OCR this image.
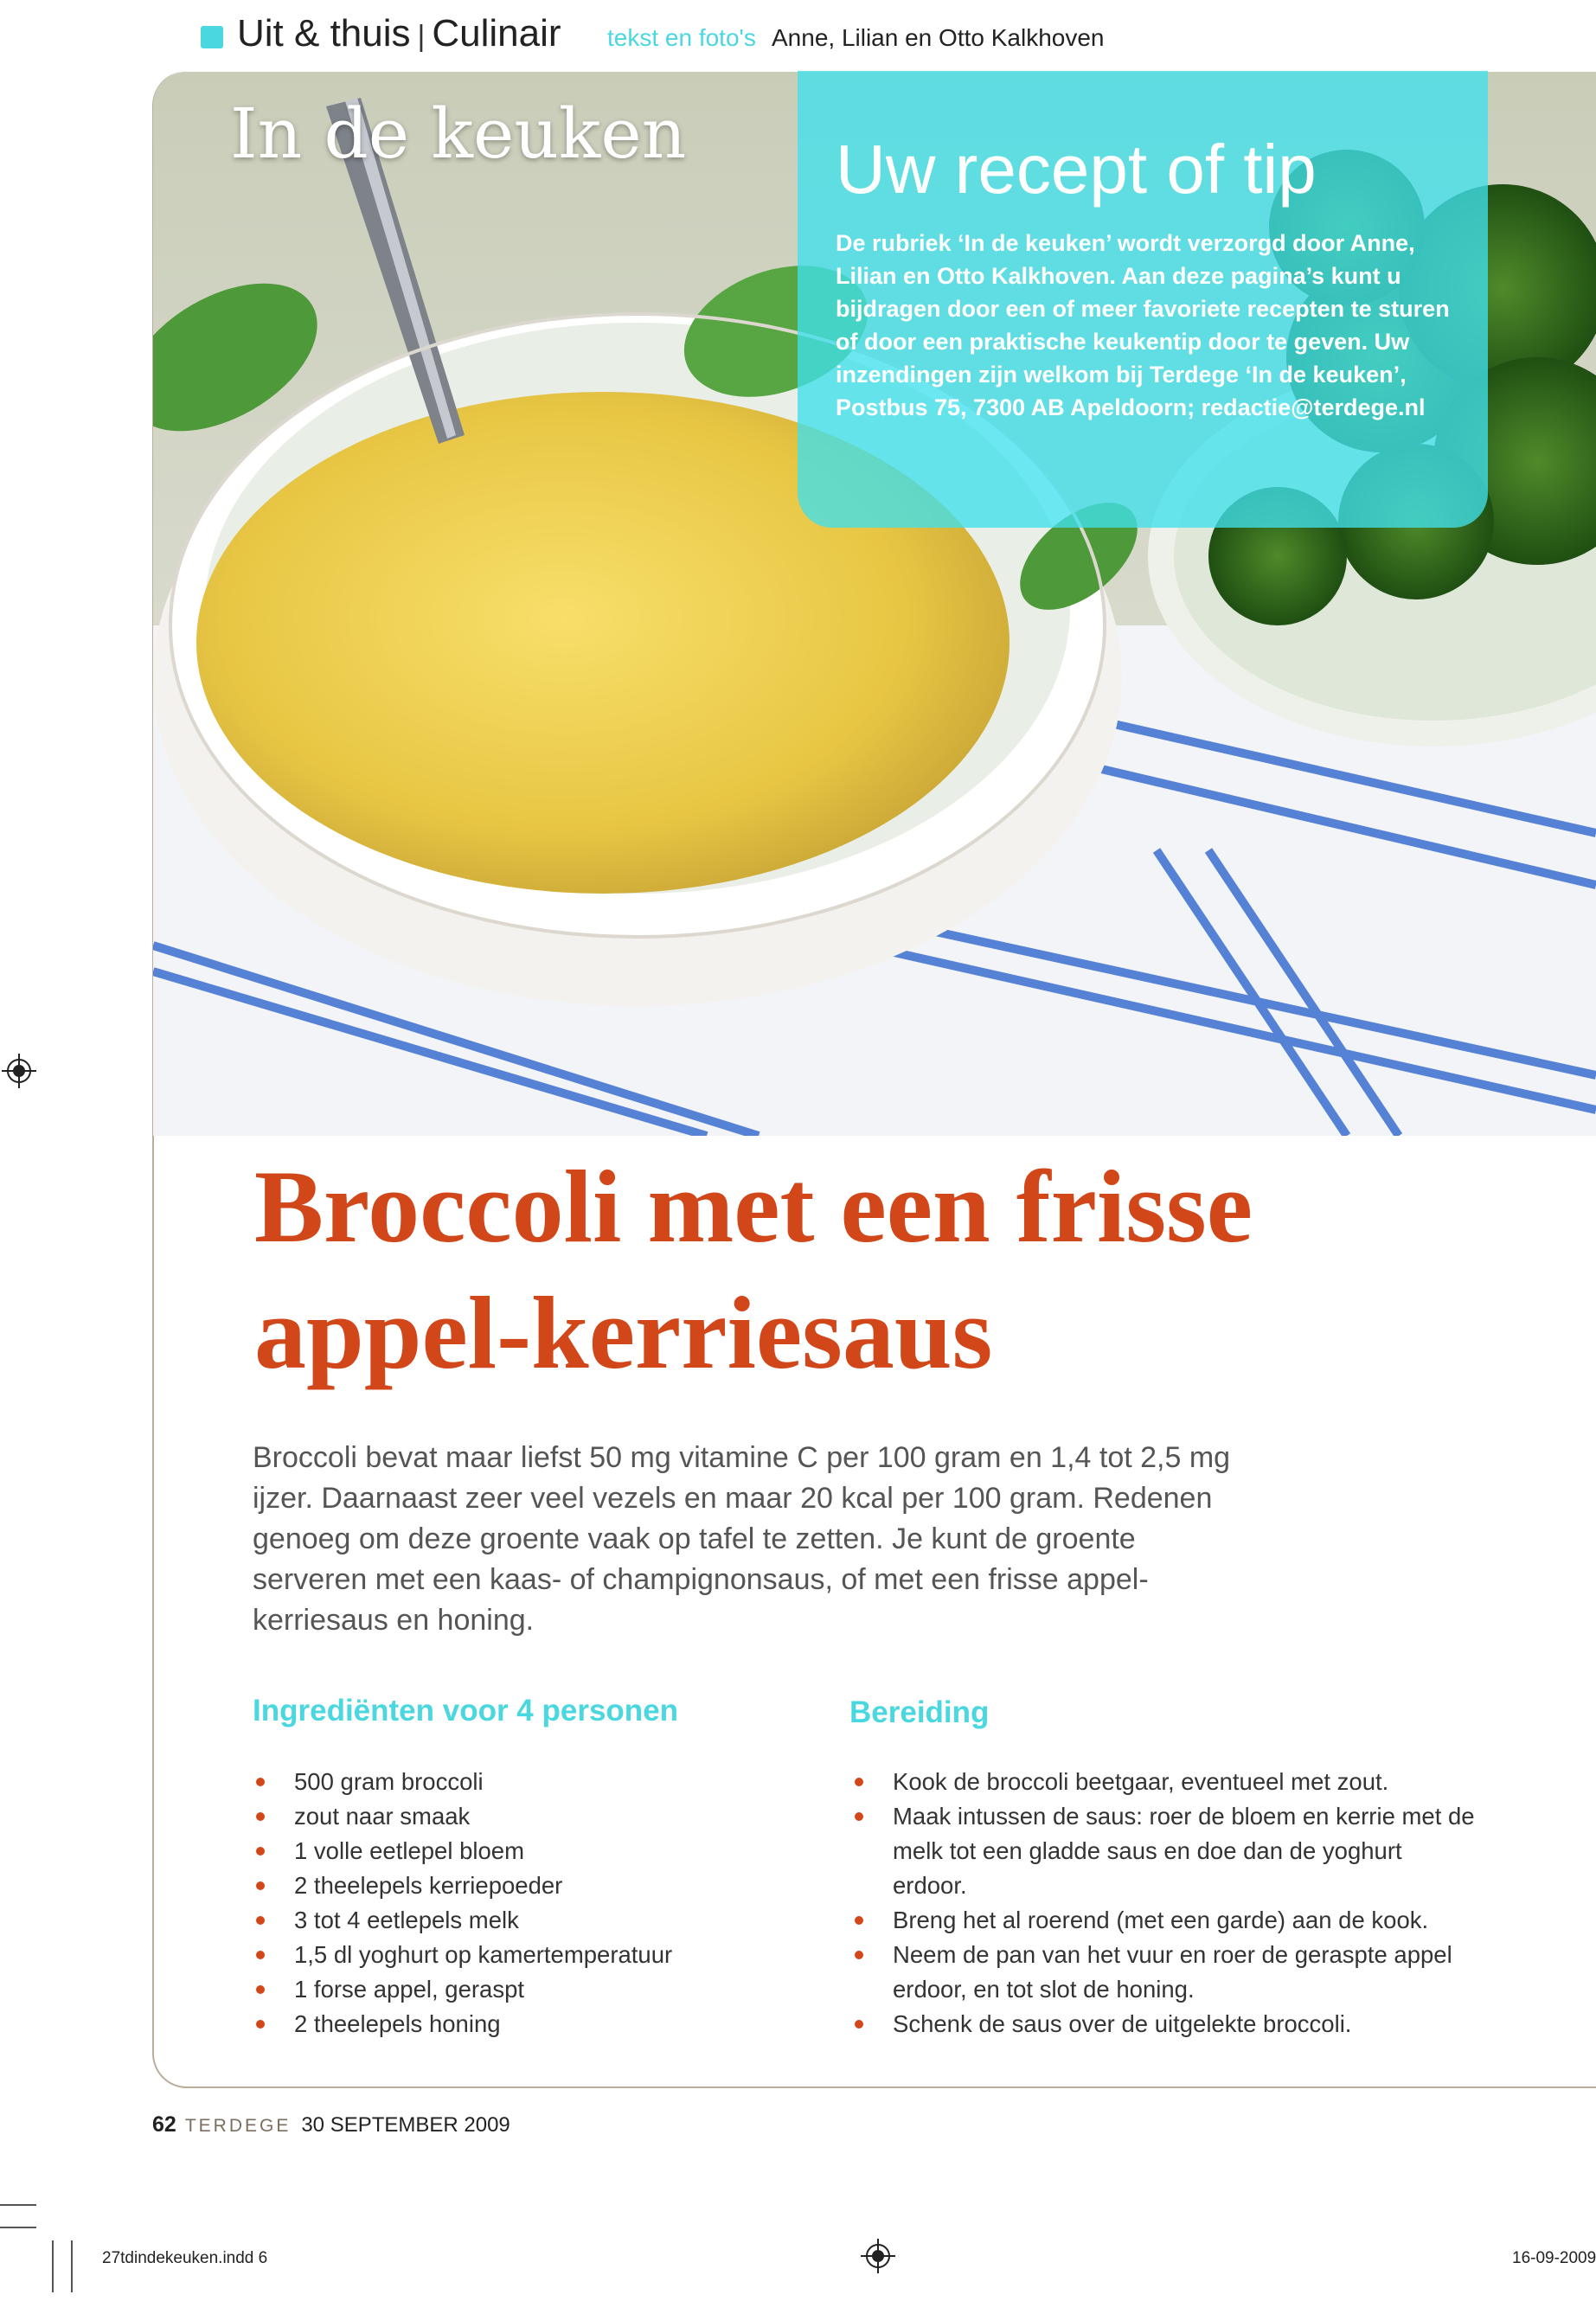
Uit & thuis | Culinair tekst en foto's Anne, Lilian en Otto Kalkhoven
In de keuken Uw recept of tip
De rubriek ‘In de keuken’ wordt verzorgd door Anne, Lilian en Otto Kalkhoven. Aan deze pagina’s kunt u bijdragen door een of meer favoriete recepten te sturen of door een praktische keukentip door te geven. Uw inzendingen zijn welkom bij Terdege ‘In de keuken’, Postbus 75, 7300 AB Apeldoorn; redactie@terdege.nl
Broccoli met een frisse
appel-kerriesaus
Broccoli bevat maar liefst 50 mg vitamine C per 100 gram en 1,4 tot 2,5 mg ijzer. Daarnaast zeer veel vezels en maar 20 kcal per 100 gram. Redenen genoeg om deze groente vaak op tafel te zetten. Je kunt de groente serveren met een kaas- of champignonsaus, of met een frisse appel-kerriesaus en honing.
Ingrediënten voor 4 personen
500 gram broccoli
zout naar smaak
1 volle eetlepel bloem
2 theelepels kerriepoeder
3 tot 4 eetlepels melk
1,5 dl yoghurt op kamertemperatuur
1 forse appel, geraspt
2 theelepels honing
Bereiding
Kook de broccoli beetgaar, eventueel met zout.
Maak intussen de saus: roer de bloem en kerrie met de melk tot een gladde saus en doe dan de yoghurt erdoor.
Breng het al roerend (met een garde) aan de kook.
Neem de pan van het vuur en roer de geraspte appel erdoor, en tot slot de honing.
Schenk de saus over de uitgelekte broccoli.
62 TERDEGE 30 SEPTEMBER 2009
27tdindekeuken.indd 6	16-09-2009
